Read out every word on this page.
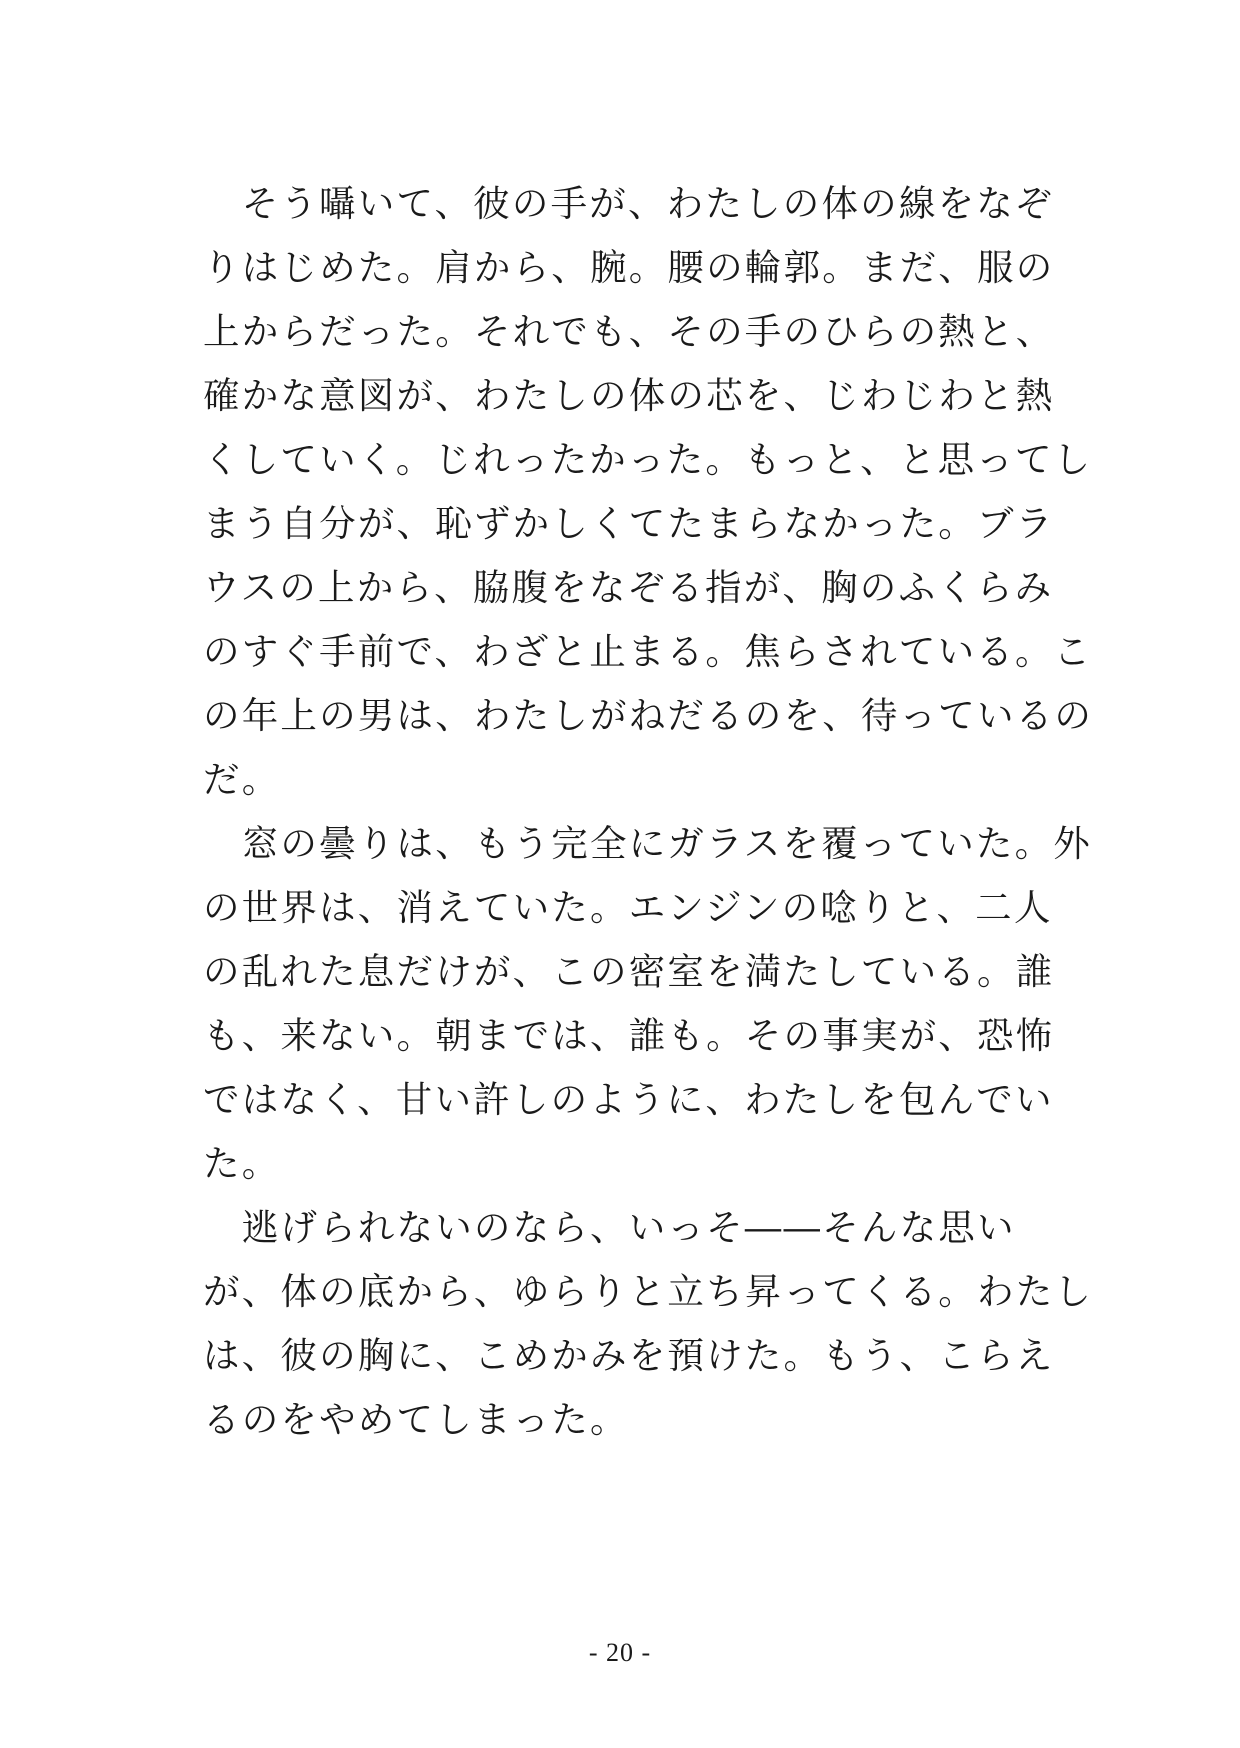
　そう囁いて、彼の手が、わたしの体の線をなぞ
りはじめた。肩から、腕。腰の輪郭。まだ、服の
上からだった。それでも、その手のひらの熱と、
確かな意図が、わたしの体の芯を、じわじわと熱
くしていく。じれったかった。もっと、と思ってし
まう自分が、恥ずかしくてたまらなかった。ブラ
ウスの上から、脇腹をなぞる指が、胸のふくらみ
のすぐ手前で、わざと止まる。焦らされている。こ
の年上の男は、わたしがねだるのを、待っているの
だ。
　窓の曇りは、もう完全にガラスを覆っていた。外
の世界は、消えていた。エンジンの唸りと、二人
の乱れた息だけが、この密室を満たしている。誰
も、来ない。朝までは、誰も。その事実が、恐怖
ではなく、甘い許しのように、わたしを包んでい
た。
　逃げられないのなら、いっそ――そんな思い
が、体の底から、ゆらりと立ち昇ってくる。わたし
は、彼の胸に、こめかみを預けた。もう、こらえ
るのをやめてしまった。
- 20 -
